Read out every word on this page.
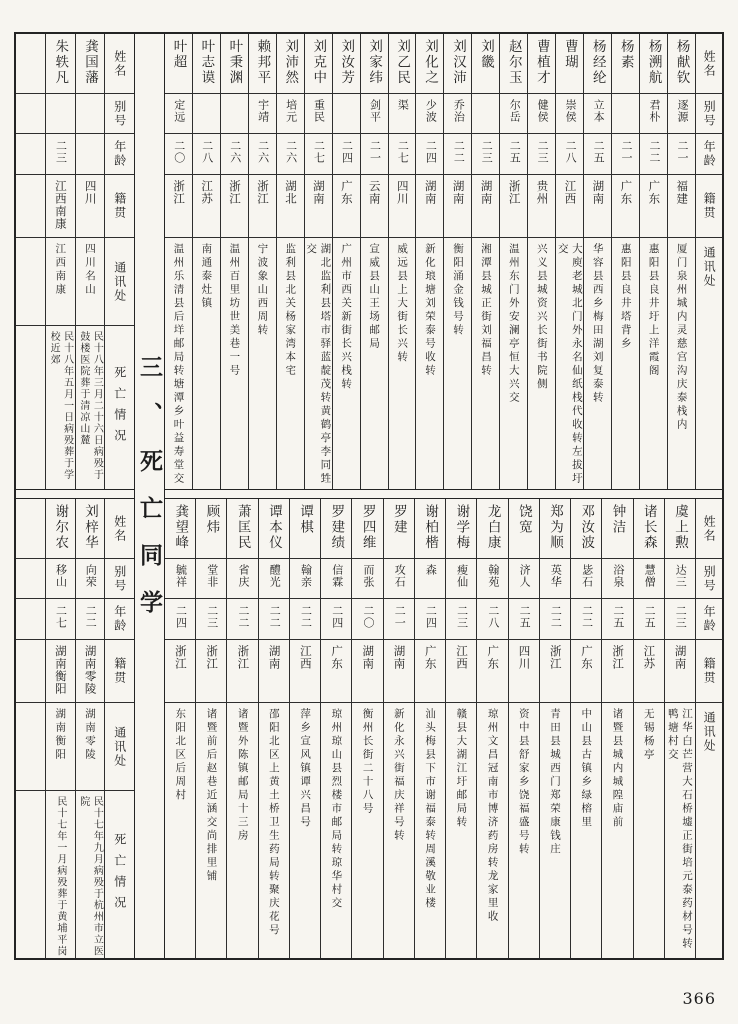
姓名
别号
年龄
籍贯
通讯处
死亡情况
龚国藩
四川
四川名山
民十八年三月二十六日病殁于鼓楼医院葬于清凉山麓
朱轶凡
二三
江西南康
江西南康
民十八年五月一日病殁葬于学校近郊
姓名
别号
年龄
籍贯
通讯处
死亡情况
刘梓华
向荣
二二
湖南零陵
湖南零陵
民十七年九月病殁于杭州市立医院
谢尔农
移山
二七
湖南衡阳
湖南衡阳
民十七年一月病殁葬于黄埔平岗
三、死亡同学
姓名
别号
年龄
籍贯
通讯处
杨献钦
逐源
二一
福建
厦门泉州城内灵慈宫沟庆泰栈内
杨溯航
君朴
二二
广东
惠阳县良井圩上洋霞阁
杨素
二一
广东
惠阳县良井塔背乡
杨经纶
立本
二五
湖南
华容县西乡梅田湖刘复泰转
曹瑚
崇侯
二八
江西
大庾老城北门外永名仙纸栈代收转左拔圩交
曹植才
健侯
二三
贵州
兴义县城资兴长街书院侧
赵尔玉
尔岳
二五
浙江
温州东门外安澜亭恒大兴交
刘畿
二三
湖南
湘潭县城正街刘福昌转
刘汉沛
乔治
二二
湖南
衡阳涌金钱号转
刘化之
少波
二四
湖南
新化琅塘刘荣泰号收转
刘乙民
渠
二七
四川
威远县上大街长兴转
刘家纬
剑平
二一
云南
宣威县山王场邮局
刘汝芳
二四
广东
广州市西关新街长兴栈转
刘克中
重民
二七
湖南
湖北监利县塔市驿蓝靛茂转黄鹤亭李同甡交
刘沛然
培元
二六
湖北
监利县北关杨家湾本宅
赖邦平
宇靖
二六
浙江
宁波象山西周转
叶秉渊
二六
浙江
温州百里坊世美巷一号
叶志谟
二八
江苏
南通泰灶镇
叶超
定远
二〇
浙江
温州乐清县后垟邮局转塘潭乡叶益寿堂交
姓名
别号
年龄
籍贯
通讯处
虞上勲
达三
二三
湖南
江华白芒营大石桥墟正街培元泰药材号转鸭塘村交
诸长森
慧僧
二五
江苏
无锡杨亭
钟洁
浴泉
二五
浙江
诸暨县城内城隍庙前
邓汝波
毖石
二二
广东
中山县古镇乡绿榕里
郑为顺
英华
二二
浙江
青田县城西门郑荣康钱庄
饶宽
济人
二五
四川
资中县舒家乡饶福盛号转
龙白康
翰苑
二八
广东
琼州文昌冠南市博济药房转龙家里收
谢学梅
瘦仙
二三
江西
赣县大湖江圩邮局转
谢柏楷
森
二四
广东
汕头梅县下市谢福泰转周溪敬业楼
罗建
攻石
二一
湖南
新化永兴街福庆祥号转
罗四维
而张
二〇
湖南
衡州长街二十八号
罗建绩
信霖
二四
广东
琼州琼山县烈楼市邮局转琼华村交
谭棋
翰亲
二二
江西
萍乡宣风镇谭兴昌号
谭本仪
醴光
二二
湖南
邵阳北区上黄土桥卫生药局转聚庆花号
萧匡民
省庆
二二
浙江
诸暨外陈镇邮局十三房
顾炜
堂非
二三
浙江
诸暨前后赵巷近涵交尚排里铺
龚望峰
毓祥
二四
浙江
东阳北区后周村
366
